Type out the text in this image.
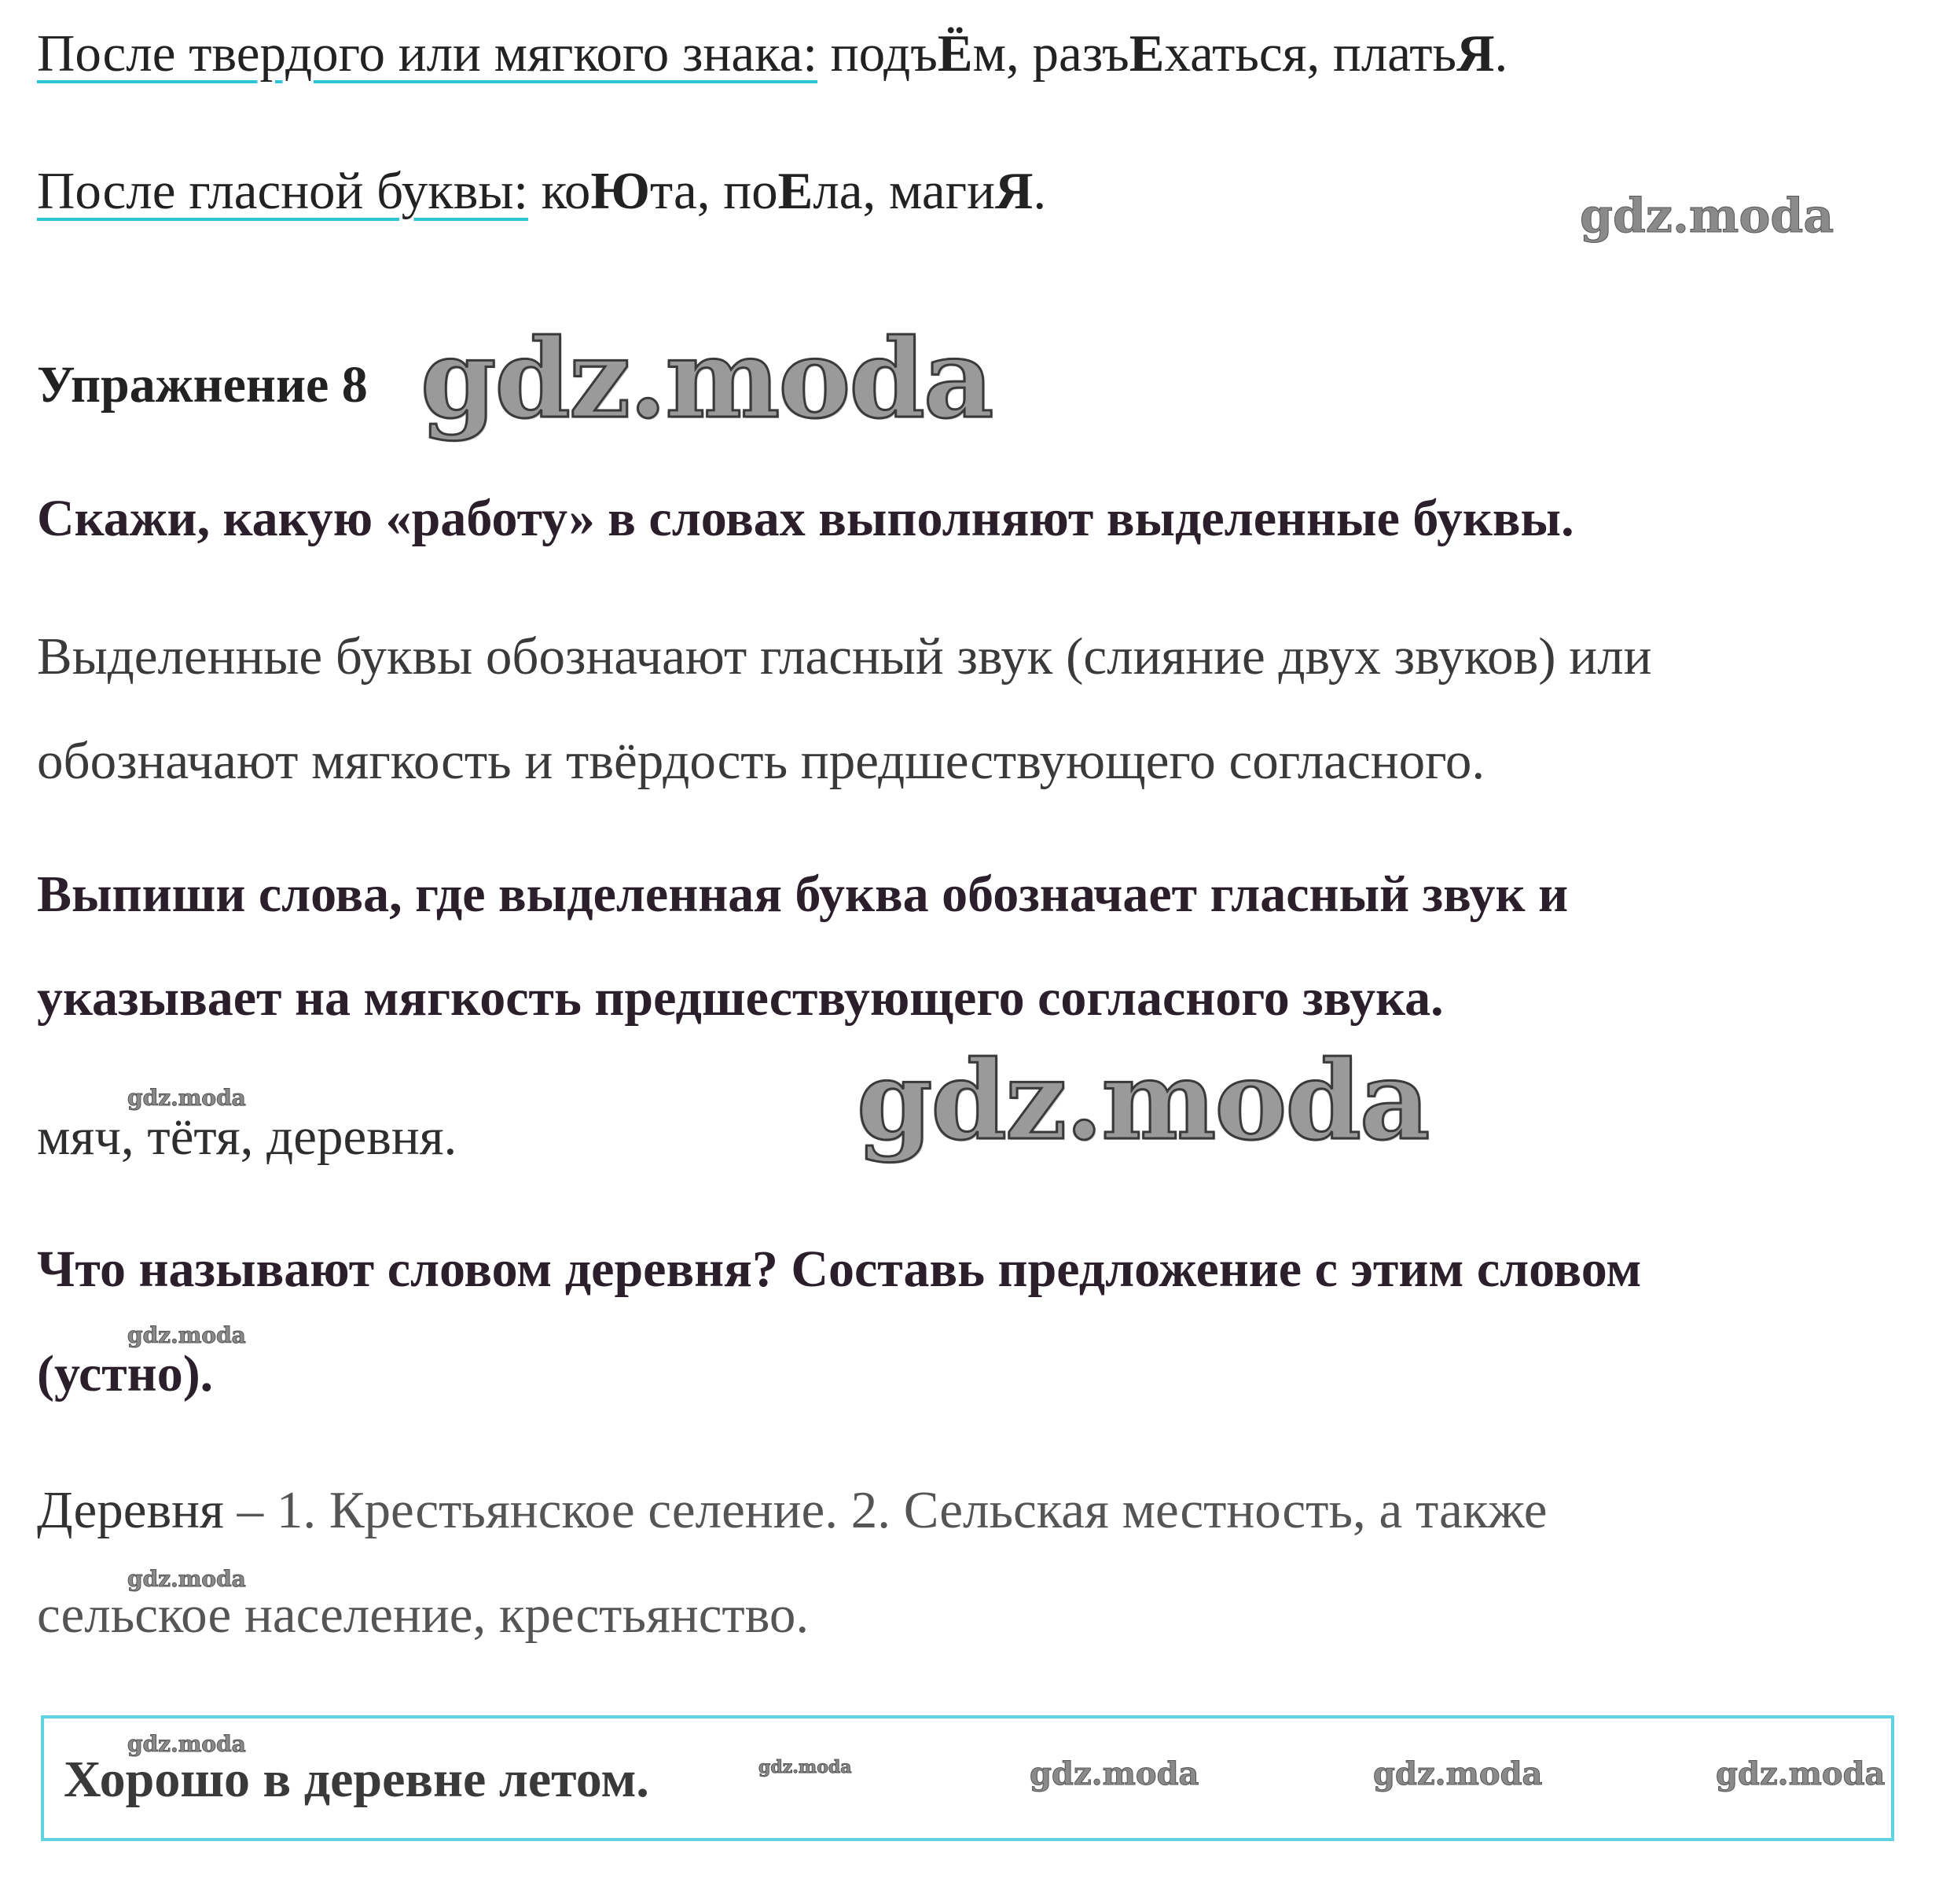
После твердого или мягкого знака: подъЁм, разъЕхаться, платьЯ.

После гласной буквы: коЮта, поЕла, магиЯ.

Упражнение 8

Скажи, какую «работу» в словах выполняют выделенные буквы.

Выделенные буквы обозначают гласный звук (слияние двух звуков) или

обозначают мягкость и твёрдость предшествующего согласного.

Выпиши слова, где выделенная буква обозначает гласный звук и

указывает на мягкость предшествующего согласного звука.

мяч, тётя, деревня.

Что называют словом деревня? Составь предложение с этим словом

(устно).

Деревня – 1. Крестьянское селение. 2. Сельская местность, а также

сельское население, крестьянство.

Хорошо в деревне летом.
gdz.moda
gdz.moda
gdz.moda
gdz.moda
gdz.moda
gdz.moda
gdz.moda
gdz.moda	gdz.moda	gdz.moda	gdz.moda
